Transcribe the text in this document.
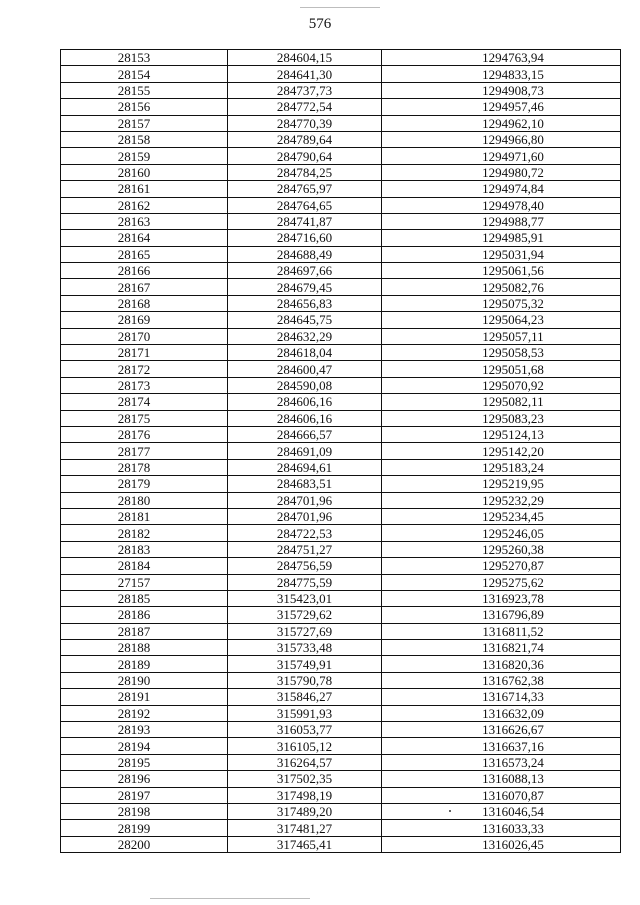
576
28153	284604,15	1294763,94
28154	284641,30	1294833,15
28155	284737,73	1294908,73
28156	284772,54	1294957,46
28157	284770,39	1294962,10
28158	284789,64	1294966,80
28159	284790,64	1294971,60
28160	284784,25	1294980,72
28161	284765,97	1294974,84
28162	284764,65	1294978,40
28163	284741,87	1294988,77
28164	284716,60	1294985,91
28165	284688,49	1295031,94
28166	284697,66	1295061,56
28167	284679,45	1295082,76
28168	284656,83	1295075,32
28169	284645,75	1295064,23
28170	284632,29	1295057,11
28171	284618,04	1295058,53
28172	284600,47	1295051,68
28173	284590,08	1295070,92
28174	284606,16	1295082,11
28175	284606,16	1295083,23
28176	284666,57	1295124,13
28177	284691,09	1295142,20
28178	284694,61	1295183,24
28179	284683,51	1295219,95
28180	284701,96	1295232,29
28181	284701,96	1295234,45
28182	284722,53	1295246,05
28183	284751,27	1295260,38
28184	284756,59	1295270,87
27157	284775,59	1295275,62
28185	315423,01	1316923,78
28186	315729,62	1316796,89
28187	315727,69	1316811,52
28188	315733,48	1316821,74
28189	315749,91	1316820,36
28190	315790,78	1316762,38
28191	315846,27	1316714,33
28192	315991,93	1316632,09
28193	316053,77	1316626,67
28194	316105,12	1316637,16
28195	316264,57	1316573,24
28196	317502,35	1316088,13
28197	317498,19	1316070,87
28198	317489,20	1316046,54
28199	317481,27	1316033,33
28200	317465,41	1316026,45
